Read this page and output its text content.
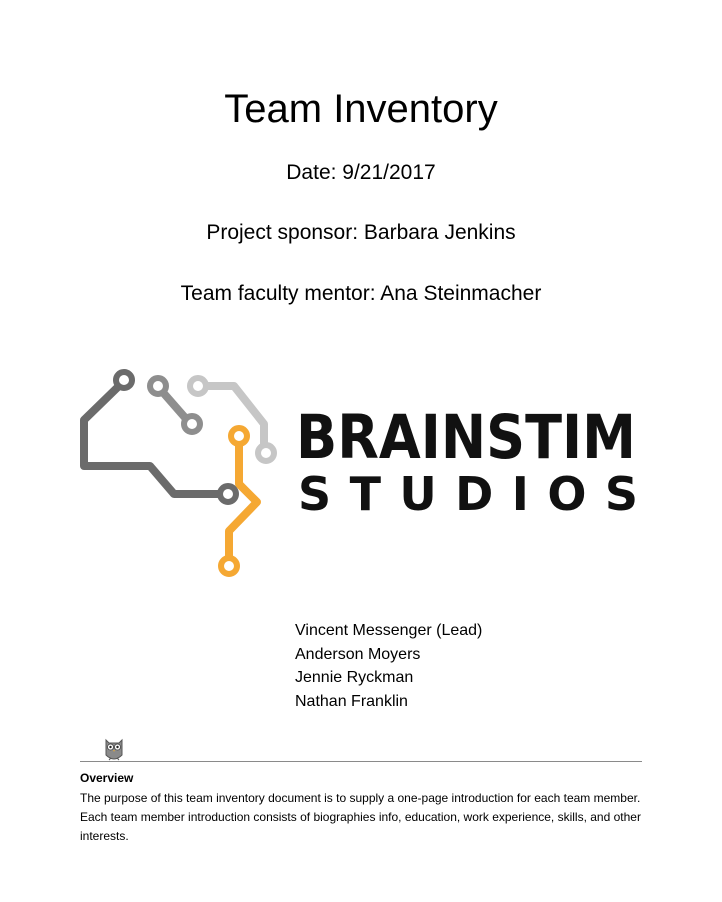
Team Inventory
Date: 9/21/2017
Project sponsor: Barbara Jenkins
Team faculty mentor: Ana Steinmacher
BRAINSTIM
STUDIOS
Vincent Messenger (Lead)
Anderson Moyers
Jennie Ryckman
Nathan Franklin
Overview
The purpose of this team inventory document is to supply a one-page introduction for each team member. Each team member introduction consists of biographies info, education, work experience, skills, and other interests.
